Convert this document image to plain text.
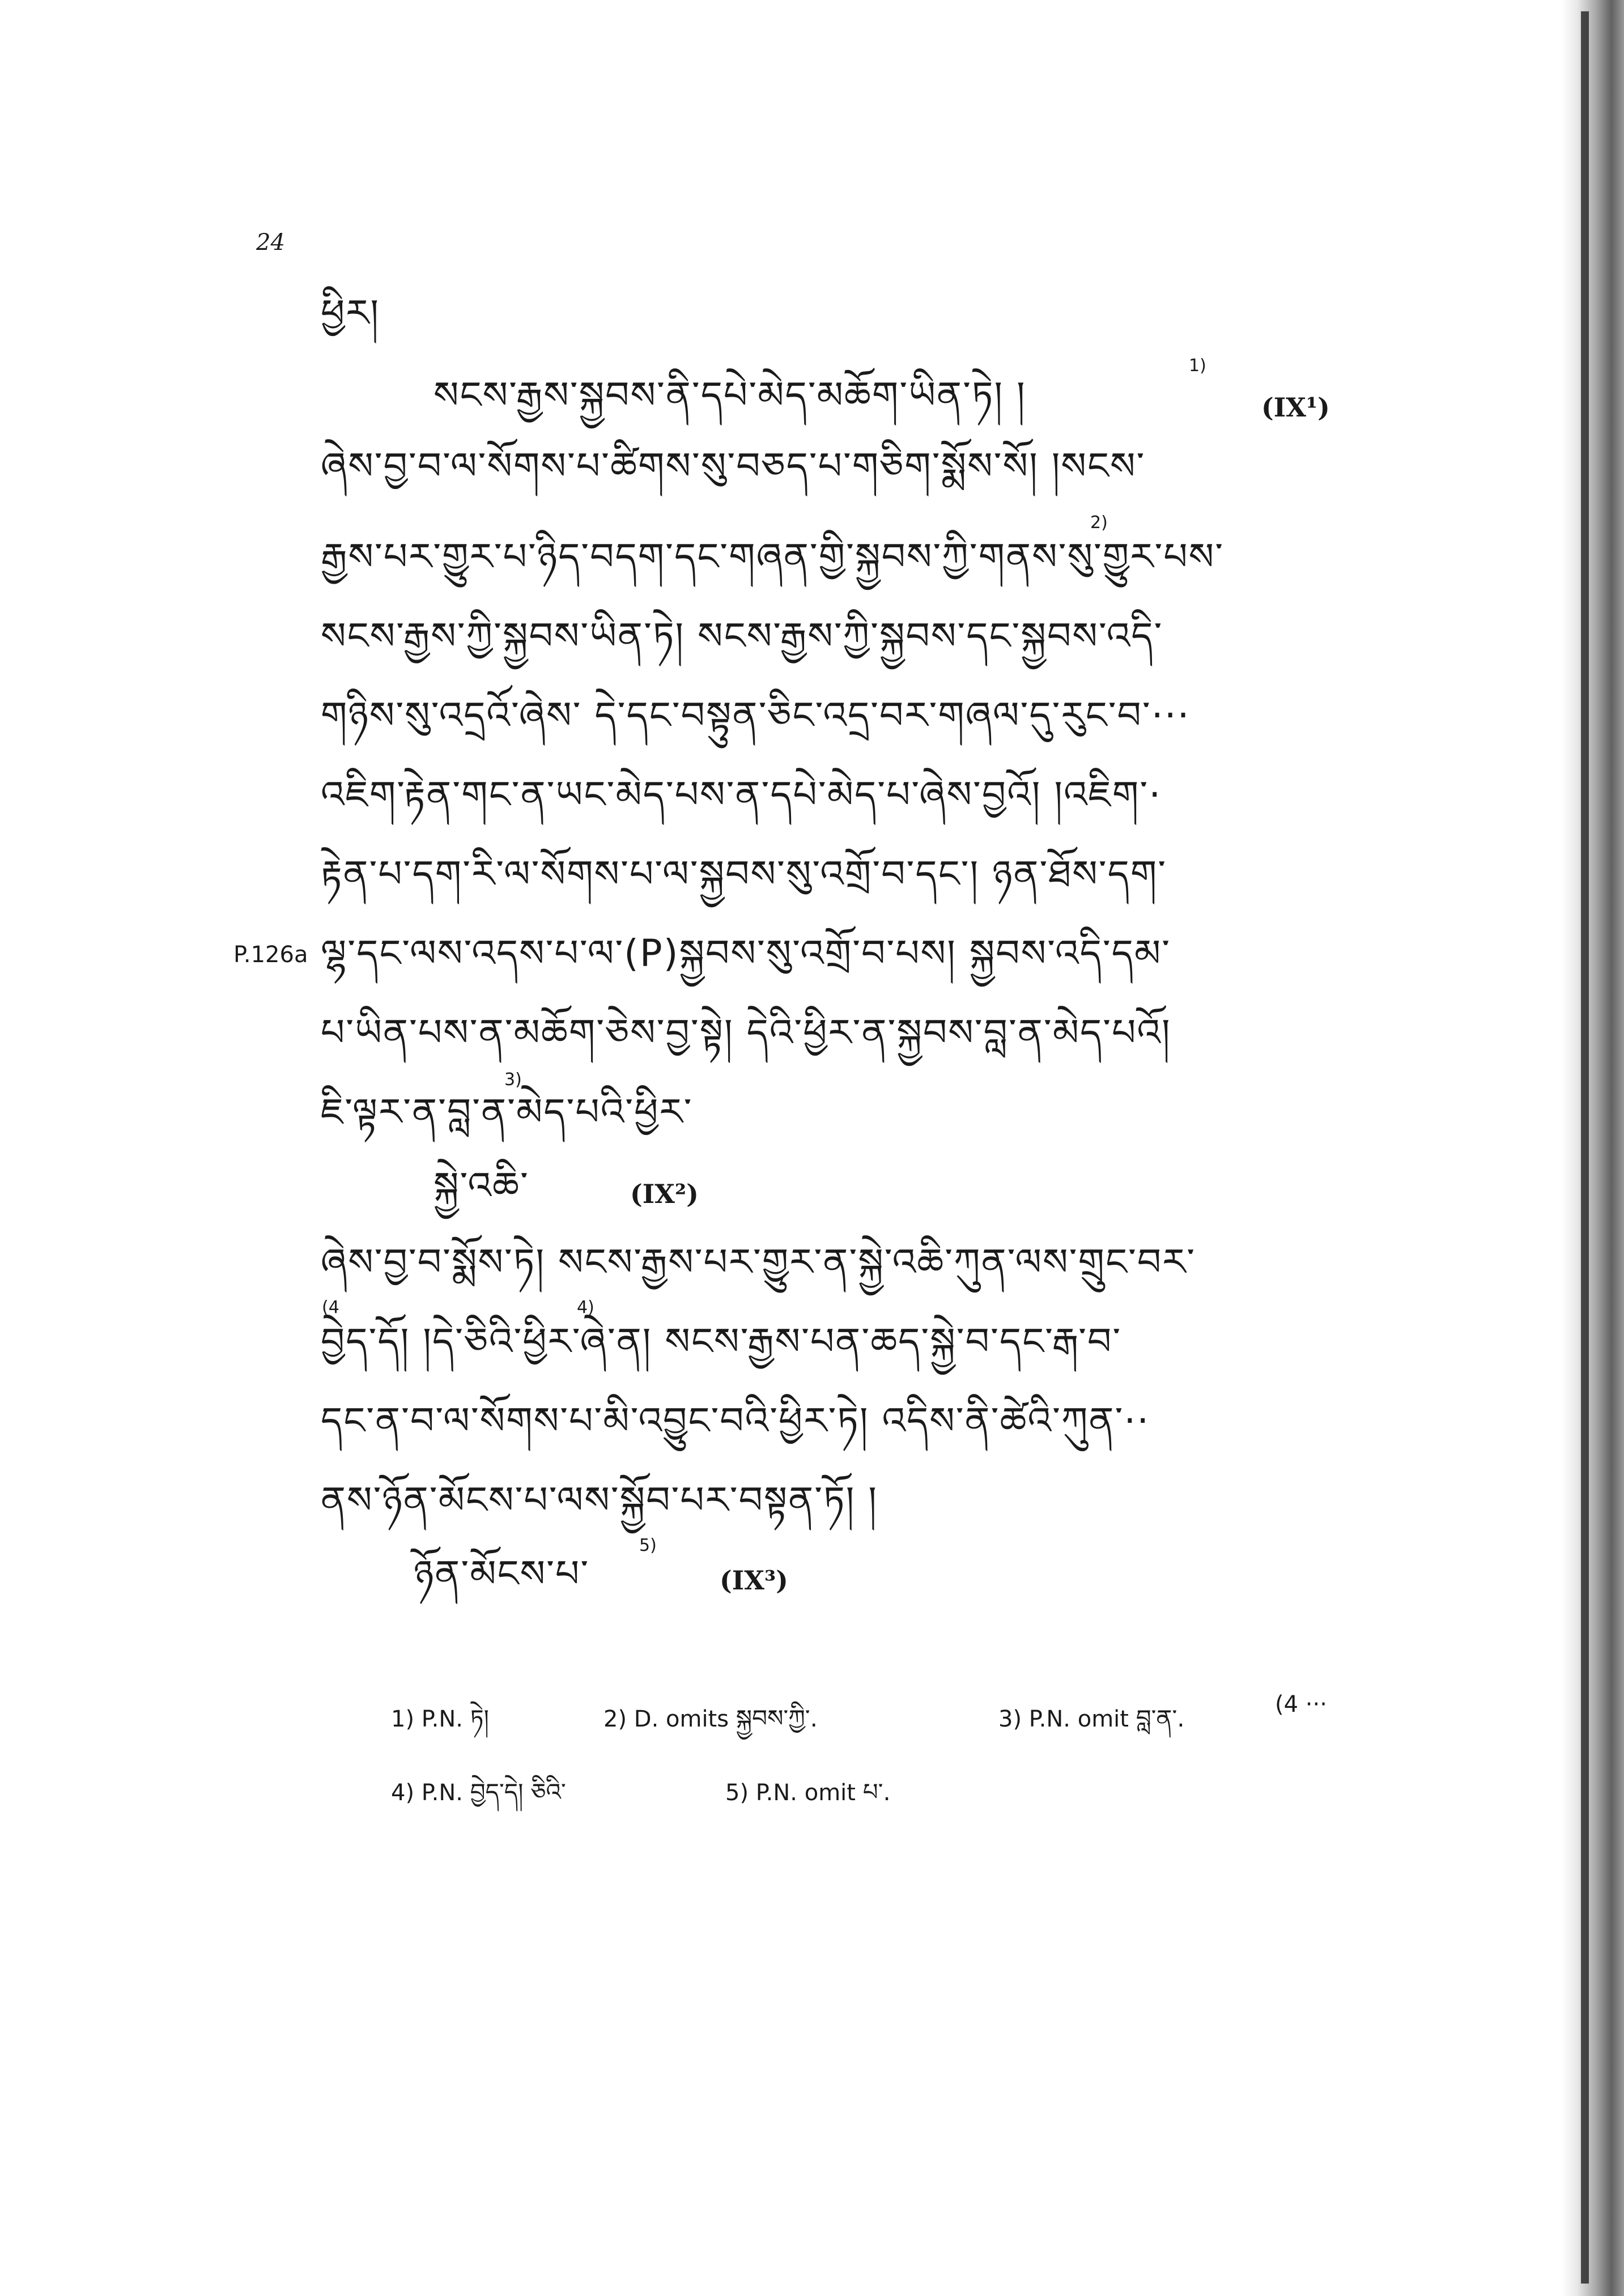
24
ཕྱིར།
སངས་རྒྱས་སྐྱབས་ནི་དཔེ་མེད་མཆོག་ཡིན་ཏེ། །
1)
(IX¹)
ཞེས་བྱ་བ་ལ་སོགས་པ་ཚིགས་སུ་བཅད་པ་གཅིག་སྨོས་སོ། །སངས་
རྒྱས་པར་གྱུར་པ་ཉིད་བདག་དང་གཞན་གྱི་སྐྱབས་ཀྱི་གནས་སུ་གྱུར་པས་
2)
སངས་རྒྱས་ཀྱི་སྐྱབས་ཡིན་ཏེ། སངས་རྒྱས་ཀྱི་སྐྱབས་དང་སྐྱབས་འདི་
གཉིས་སུ་འདྲའོ་ཞེས་ དེ་དང་བསྟུན་ཅིང་འདྲ་བར་གཞལ་དུ་རུང་བ་···
འཇིག་རྟེན་གང་ན་ཡང་མེད་པས་ན་དཔེ་མེད་པ་ཞེས་བྱའོ། །འཇིག་·
རྟེན་པ་དག་རི་ལ་སོགས་པ་ལ་སྐྱབས་སུ་འགྲོ་བ་དང་། ཉན་ཐོས་དག་
P.126a ལྷ་དང་ལས་འདས་པ་ལ་(P)སྐྱབས་སུ་འགྲོ་བ་པས། སྐྱབས་འདི་དམ་
པ་ཡིན་པས་ན་མཆོག་ཅེས་བྱ་སྟེ། དེའི་ཕྱིར་ན་སྐྱབས་བླ་ན་མེད་པའོ།
ཇི་ལྟར་ན་བླ་ན་མེད་པའི་ཕྱིར་
3)
སྐྱེ་འཆི་	(IX²)
ཞེས་བྱ་བ་སྨོས་ཏེ། སངས་རྒྱས་པར་གྱུར་ན་སྐྱེ་འཆི་ཀུན་ལས་གྲུང་བར་
(4	4)
བྱེད་དོ། །དེ་ཅིའི་ཕྱིར་ཞེ་ན། སངས་རྒྱས་པན་ཆད་སྐྱེ་བ་དང་རྒ་བ་
དང་ན་བ་ལ་སོགས་པ་མི་འབྱུང་བའི་ཕྱིར་ཏེ། འདིས་ནི་ཚེའི་ཀུན་··
ནས་ཉོན་མོངས་པ་ལས་སྐྱོབ་པར་བསྟན་ཏོ། །
ཉོན་མོངས་པ་
5)
(IX³)
1) P.N. ཏེ།	2) D. omits སྐྱབས་ཀྱི་.	3) P.N. omit བླ་ན་.	(4 ···
4) P.N. བྱེད་དེ། ཅིའི་	5) P.N. omit པ་.
